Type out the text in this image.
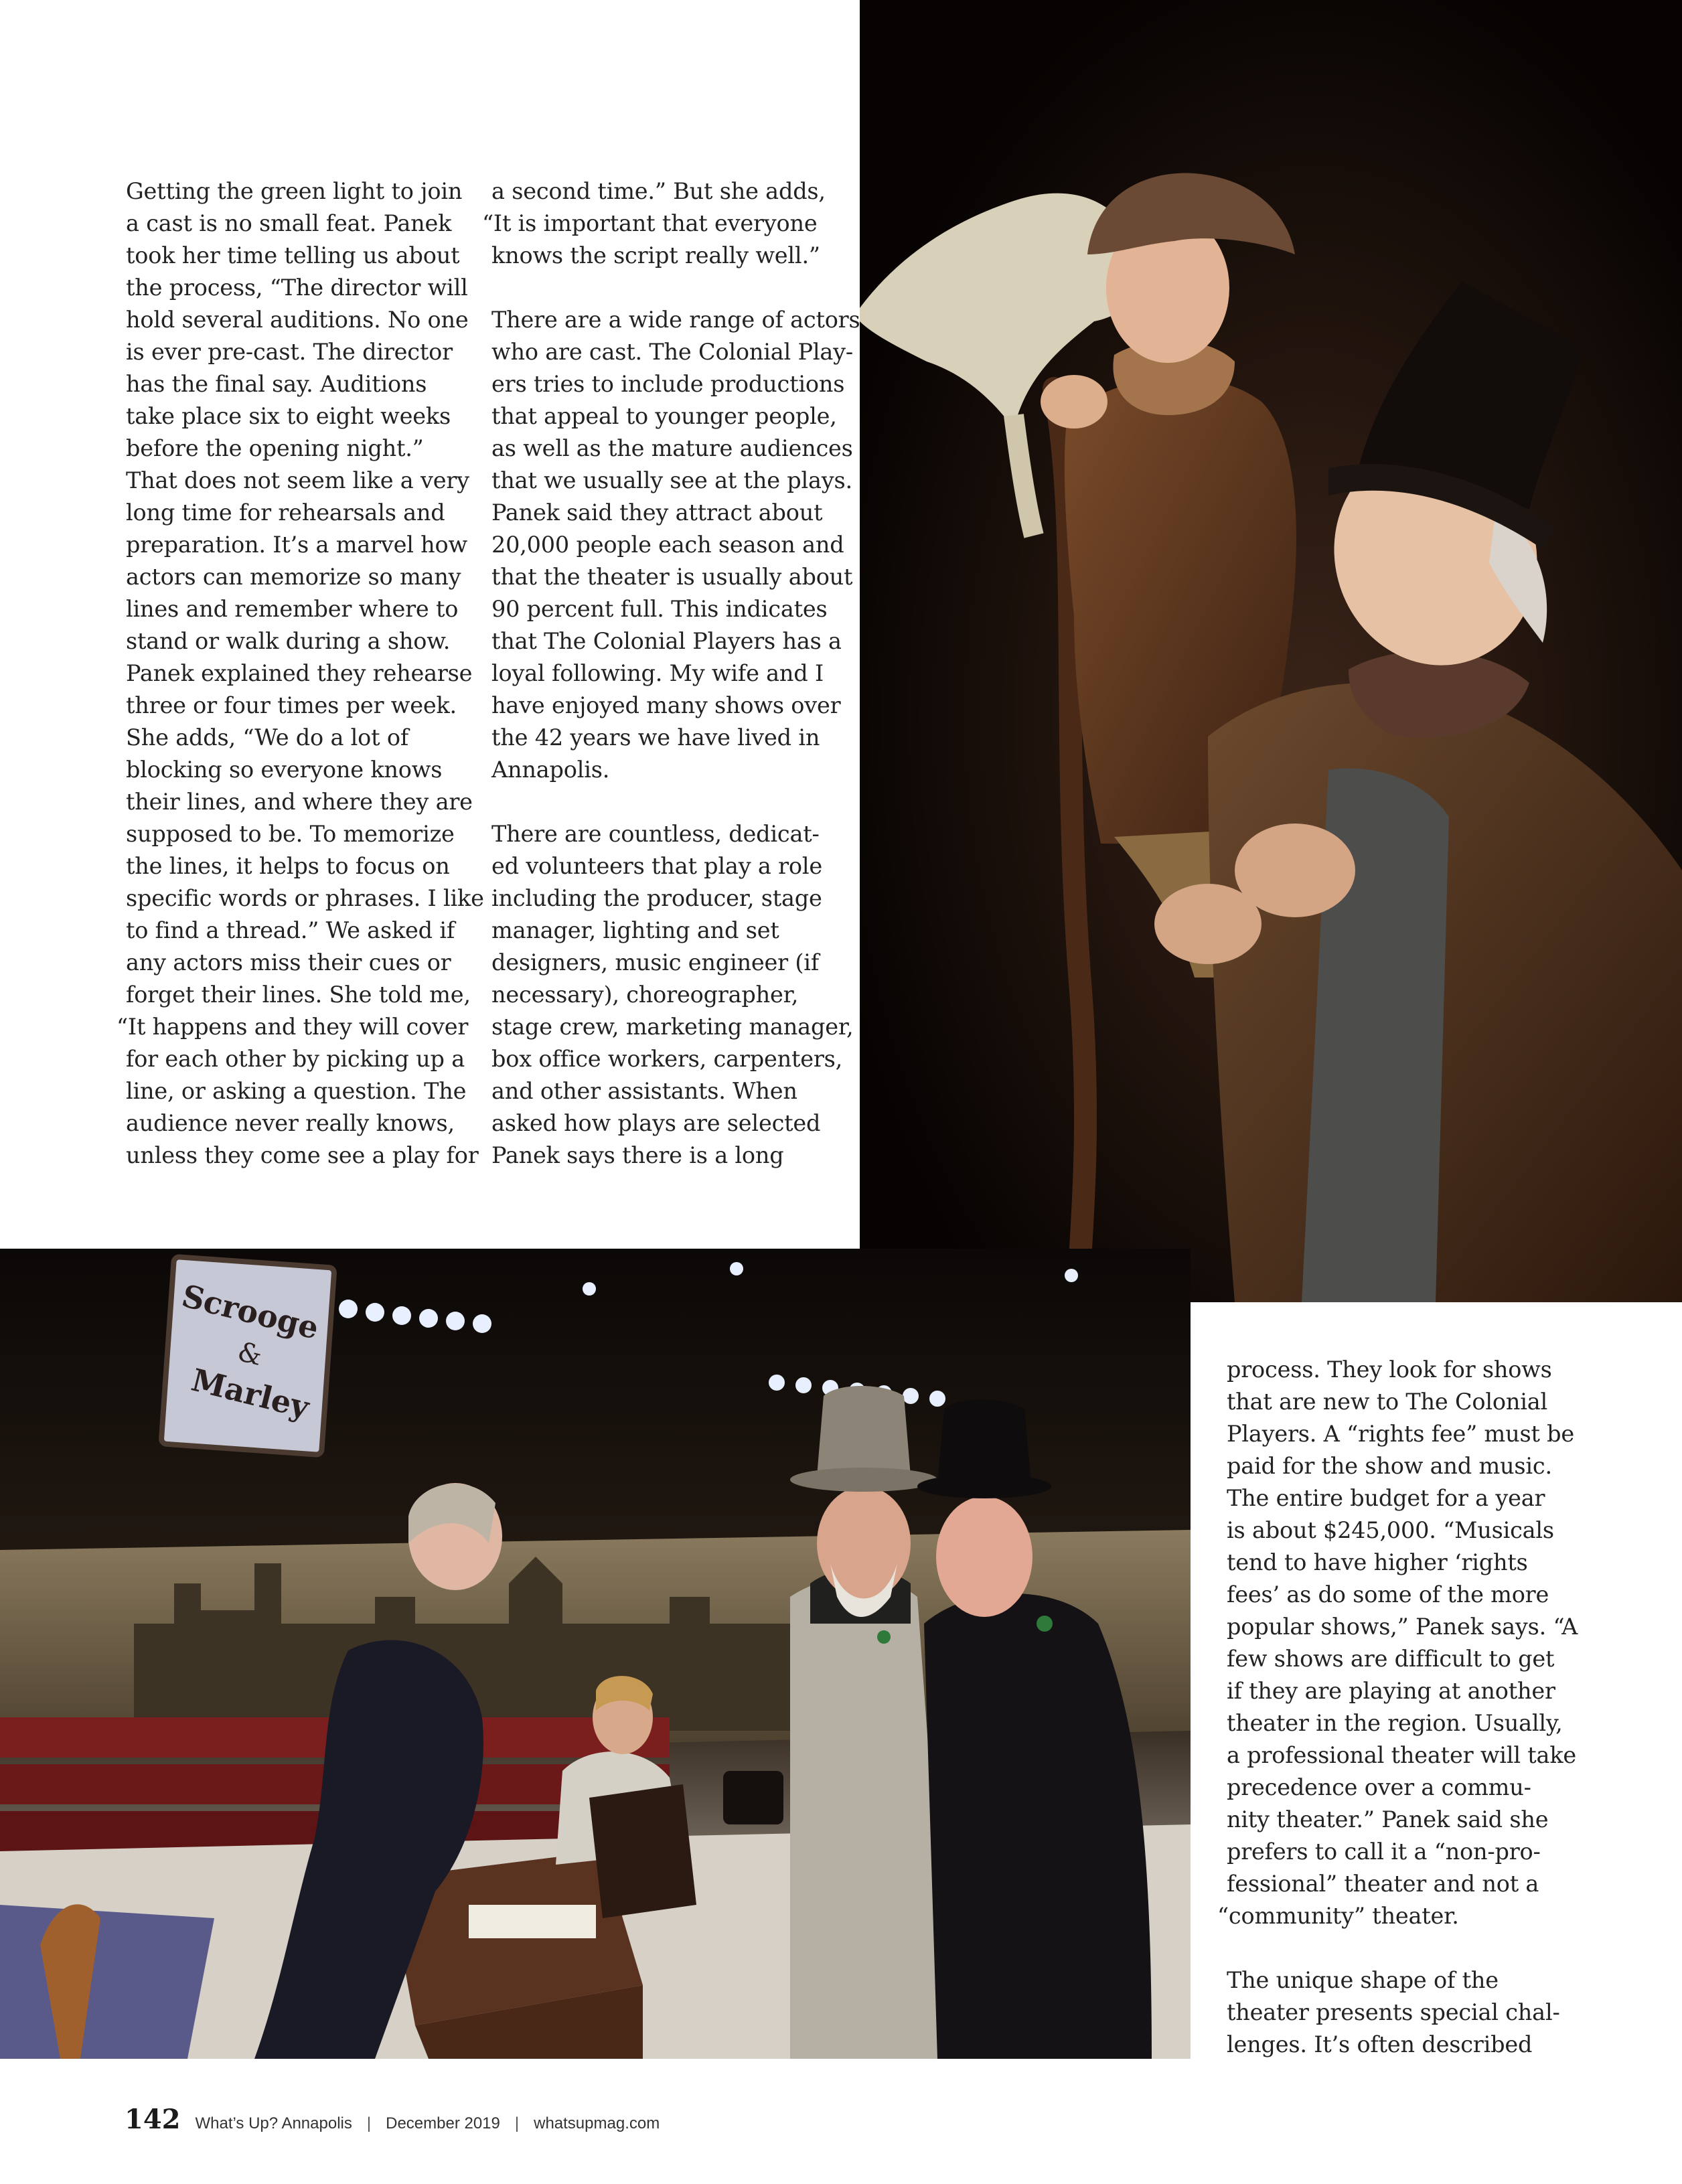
Scrooge
&
Marley
Getting the green light to join
a cast is no small feat. Panek
took her time telling us about
the process, “The director will
hold several auditions. No one
is ever pre-cast. The director
has the final say. Auditions
take place six to eight weeks
before the opening night.”
That does not seem like a very
long time for rehearsals and
preparation. It’s a marvel how
actors can memorize so many
lines and remember where to
stand or walk during a show.
Panek explained they rehearse
three or four times per week.
She adds, “We do a lot of
blocking so everyone knows
their lines, and where they are
supposed to be. To memorize
the lines, it helps to focus on
specific words or phrases. I like
to find a thread.” We asked if
any actors miss their cues or
forget their lines. She told me,
“It happens and they will cover
for each other by picking up a
line, or asking a question. The
audience never really knows,
unless they come see a play for
a second time.” But she adds,
“It is important that everyone
knows the script really well.”
There are a wide range of actors
who are cast. The Colonial Play-
ers tries to include productions
that appeal to younger people,
as well as the mature audiences
that we usually see at the plays.
Panek said they attract about
20,000 people each season and
that the theater is usually about
90 percent full. This indicates
that The Colonial Players has a
loyal following. My wife and I
have enjoyed many shows over
the 42 years we have lived in
Annapolis.
There are countless, dedicat-
ed volunteers that play a role
including the producer, stage
manager, lighting and set
designers, music engineer (if
necessary), choreographer,
stage crew, marketing manager,
box office workers, carpenters,
and other assistants. When
asked how plays are selected
Panek says there is a long
process. They look for shows
that are new to The Colonial
Players. A “rights fee” must be
paid for the show and music.
The entire budget for a year
is about $245,000. “Musicals
tend to have higher ‘rights
fees’ as do some of the more
popular shows,” Panek says. “A
few shows are difficult to get
if they are playing at another
theater in the region. Usually,
a professional theater will take
precedence over a commu-
nity theater.” Panek said she
prefers to call it a “non-pro-
fessional” theater and not a
“community” theater.
The unique shape of the
theater presents special chal-
lenges. It’s often described
142 What’s Up? Annapolis | December 2019 | whatsupmag.com
